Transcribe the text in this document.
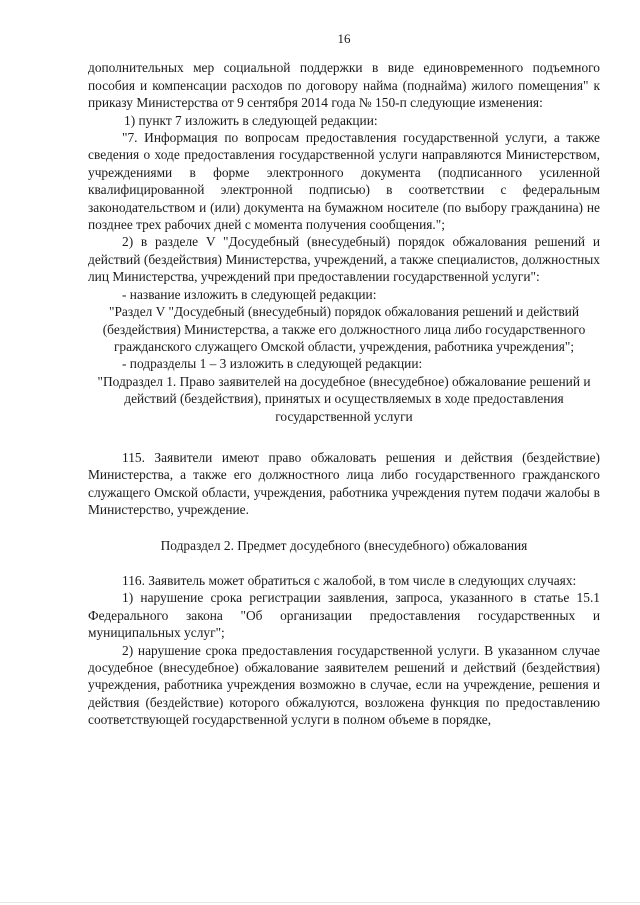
16

дополнительных мер социальной поддержки в виде единовременного подъемного пособия и компенсации расходов по договору найма (поднайма) жилого помещения" к приказу Министерства от 9 сентября 2014 года № 150-п следующие изменения:

1) пункт 7 изложить в следующей редакции:

"7. Информация по вопросам предоставления государственной услуги, а также сведения о ходе предоставления государственной услуги направляются Министерством, учреждениями в форме электронного документа (подписанного усиленной квалифицированной электронной подписью) в соответствии с федеральным законодательством и (или) документа на бумажном носителе (по выбору гражданина) не позднее трех рабочих дней с момента получения сообщения.";

2) в разделе V "Досудебный (внесудебный) порядок обжалования решений и действий (бездействия) Министерства, учреждений, а также специалистов, должностных лиц Министерства, учреждений при предоставлении государственной услуги":

- название изложить в следующей редакции:

"Раздел V "Досудебный (внесудебный) порядок обжалования решений и действий (бездействия) Министерства, а также его должностного лица либо государственного гражданского служащего Омской области, учреждения, работника учреждения";

- подразделы 1 – 3 изложить в следующей редакции:

"Подраздел 1. Право заявителей на досудебное (внесудебное) обжалование решений и действий (бездействия), принятых и осуществляемых в ходе предоставления государственной услуги

115. Заявители имеют право обжаловать решения и действия (бездействие) Министерства, а также его должностного лица либо государственного гражданского служащего Омской области, учреждения, работника учреждения путем подачи жалобы в Министерство, учреждение.

Подраздел 2. Предмет досудебного (внесудебного) обжалования

116. Заявитель может обратиться с жалобой, в том числе в следующих случаях:

1) нарушение срока регистрации заявления, запроса, указанного в статье 15.1 Федерального закона "Об организации предоставления государственных и муниципальных услуг";

2) нарушение срока предоставления государственной услуги. В указанном случае досудебное (внесудебное) обжалование заявителем решений и действий (бездействия) учреждения, работника учреждения возможно в случае, если на учреждение, решения и действия (бездействие) которого обжалуются, возложена функция по предоставлению соответствующей государственной услуги в полном объеме в порядке,
